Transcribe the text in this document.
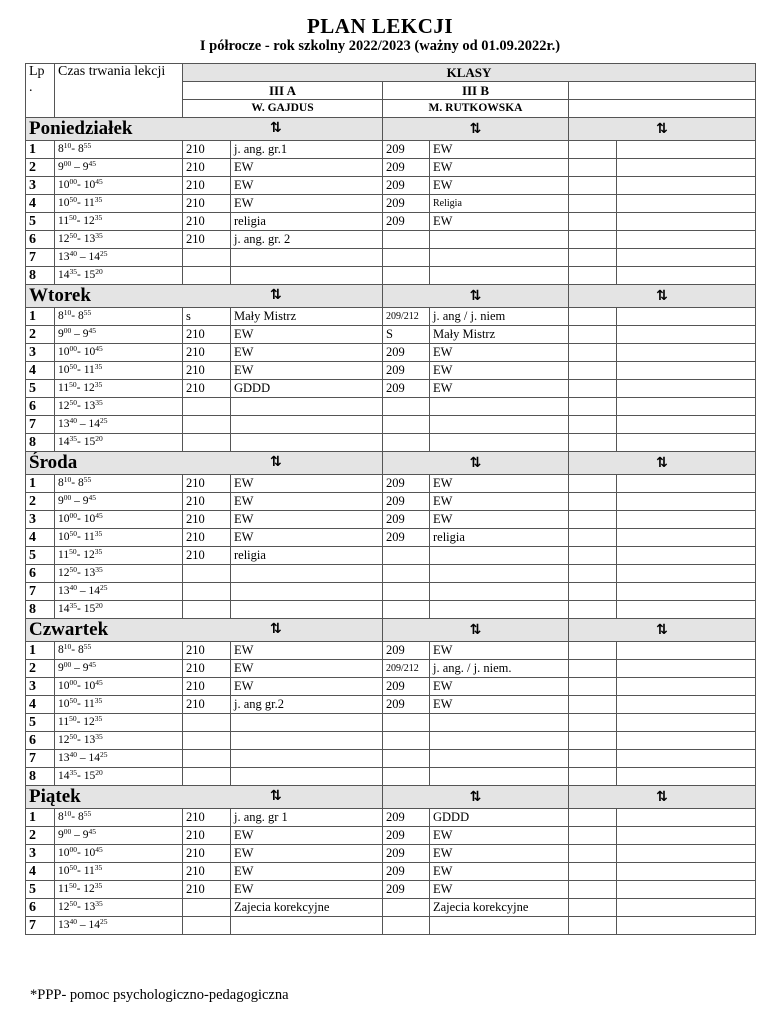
PLAN LEKCJI
I półrocze - rok szkolny 2022/2023 (ważny od 01.09.2022r.)
Lp .	Czas trwania lekcji	KLASY					
		III A		III B			
		W. GAJDUS		M. RUTKOWSKA			
Poniedziałek ⇅				⇅		⇅	
1	$8^{10}-$ $8^{55}$	210	j. ang. gr.1	209	EW		
2	$9^{00} - 9^{45}$	210	EW	209	EW		
3	$10^{00}-$ $10^{45}$	210	EW	209	EW		
4	$10^{50}-$ $11^{35}$	210	EW	209	Religia		
5	$11^{50}-$ $12^{35}$	210	religia	209	EW		
6	$12^{50}-$ $13^{35}$	210	j. ang. gr. 2				
7	$13^{40} - 14^{25}$						
8	$14^{35}-$ $15^{20}$						
Wtorek ⇅				⇅		⇅	
1	$8^{10}-$ $8^{55}$	s	Mały Mistrz	209/212	j. ang / j. niem		
2	$9^{00} - 9^{45}$	210	EW	S	Mały Mistrz		
3	$10^{00}-$ $10^{45}$	210	EW	209	EW		
4	$10^{50}-$ $11^{35}$	210	EW	209	EW		
5	$11^{50}-$ $12^{35}$	210	GDDD	209	EW		
6	$12^{50}-$ $13^{35}$						
7	$13^{40} - 14^{25}$						
8	$14^{35}-$ $15^{20}$						
Środa ⇅				⇅		⇅	
1	$8^{10}-$ $8^{55}$	210	EW	209	EW		
2	$9^{00} - 9^{45}$	210	EW	209	EW		
3	$10^{00}-$ $10^{45}$	210	EW	209	EW		
4	$10^{50}-$ $11^{35}$	210	EW	209	religia		
5	$11^{50}-$ $12^{35}$	210	religia				
6	$12^{50}-$ $13^{35}$						
7	$13^{40} - 14^{25}$						
8	$14^{35}-$ $15^{20}$						
Czwartek ⇅				⇅		⇅	
1	$8^{10}-$ $8^{55}$	210	EW	209	EW		
2	$9^{00} - 9^{45}$	210	EW	209/212	j. ang. / j. niem.		
3	$10^{00}-$ $10^{45}$	210	EW	209	EW		
4	$10^{50}-$ $11^{35}$	210	j. ang gr.2	209	EW		
5	$11^{50}-$ $12^{35}$						
6	$12^{50}-$ $13^{35}$						
7	$13^{40} - 14^{25}$						
8	$14^{35}-$ $15^{20}$						
Piątek ⇅				⇅		⇅	
1	$8^{10}-$ $8^{55}$	210	j. ang. gr 1	209	GDDD		
2	$9^{00} - 9^{45}$	210	EW	209	EW		
3	$10^{00}-$ $10^{45}$	210	EW	209	EW		
4	$10^{50}-$ $11^{35}$	210	EW	209	EW		
5	$11^{50}-$ $12^{35}$	210	EW	209	EW		
6	$12^{50}-$ $13^{35}$		Zajecia korekcyjne		Zajecia korekcyjne		
7	$13^{40} - 14^{25}$						
*PPP- pomoc psychologiczno-pedagogiczna
